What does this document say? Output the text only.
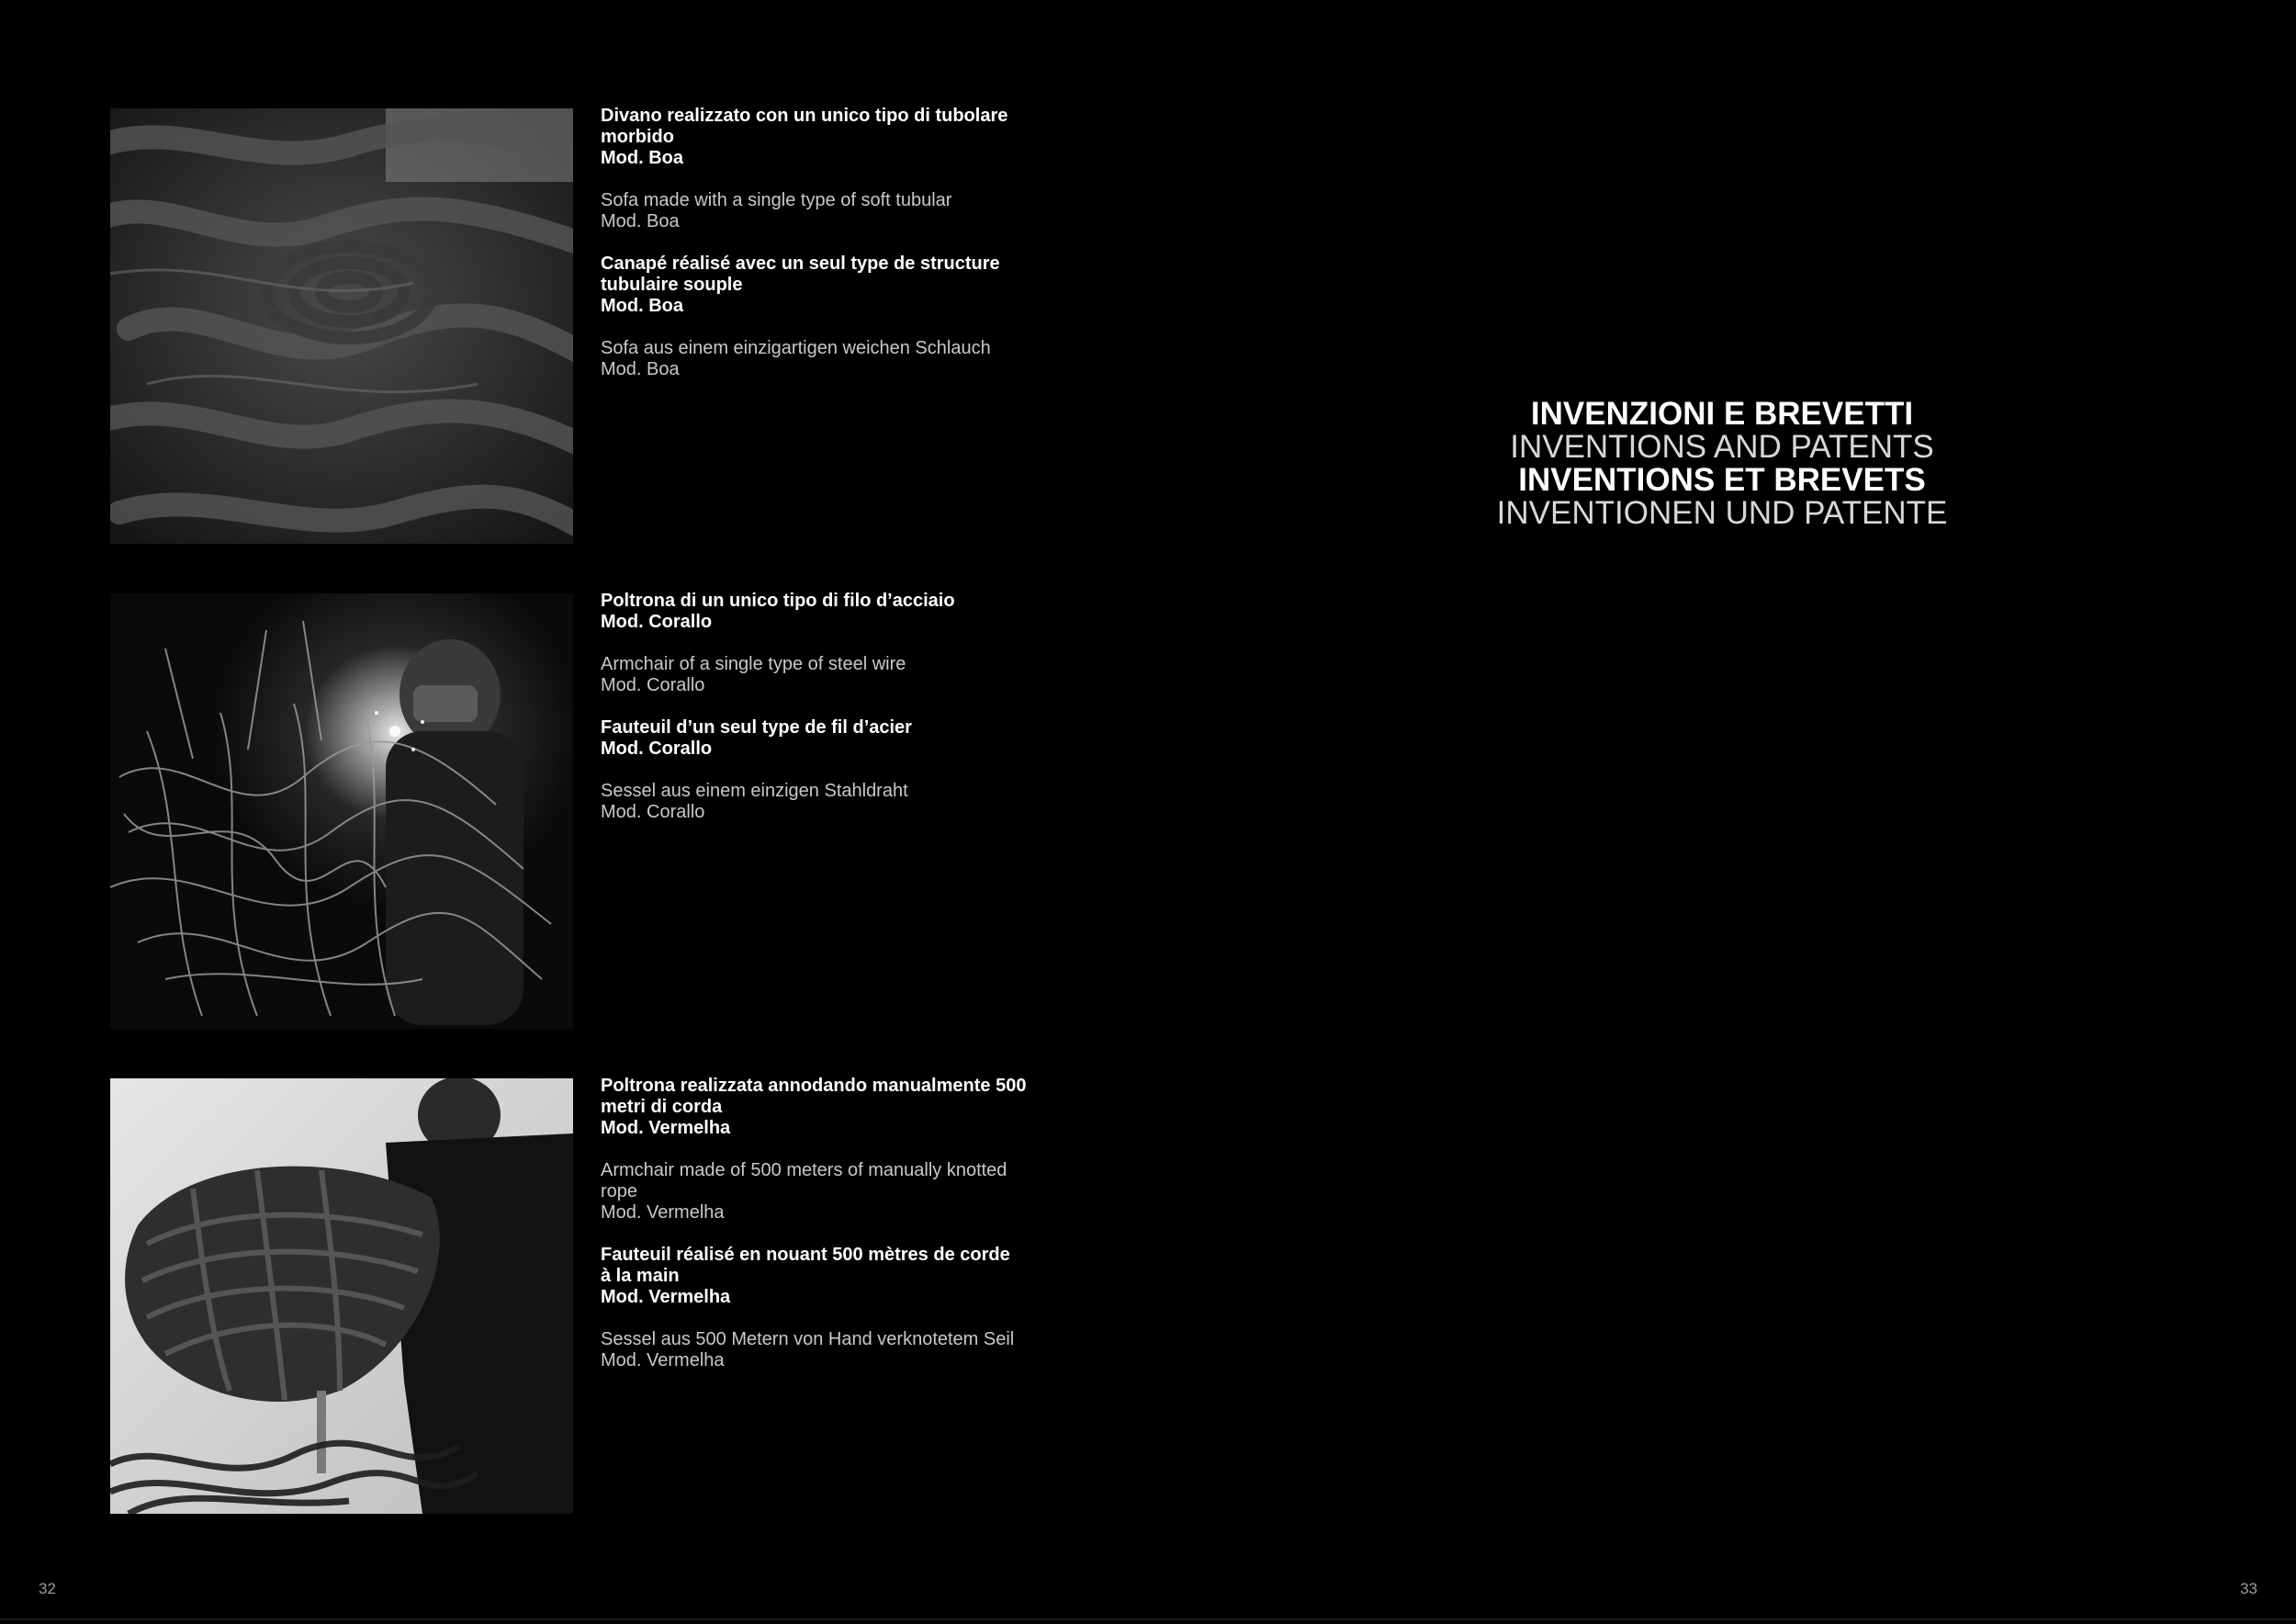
Divano realizzato con un unico tipo di tubolare

morbido

Mod. Boa

Sofa made with a single type of soft tubular

Mod. Boa

Canapé réalisé avec un seul type de structure

tubulaire souple

Mod. Boa

Sofa aus einem einzigartigen weichen Schlauch

Mod. Boa

Poltrona di un unico tipo di filo d’acciaio

Mod. Corallo

Armchair of a single type of steel wire

Mod. Corallo

Fauteuil d’un seul type de fil d’acier

Mod. Corallo

Sessel aus einem einzigen Stahldraht

Mod. Corallo

Poltrona realizzata annodando manualmente 500

metri di corda

Mod. Vermelha

Armchair made of 500 meters of manually knotted

rope

Mod. Vermelha

Fauteuil réalisé en nouant 500 mètres de corde

à la main

Mod. Vermelha

Sessel aus 500 Metern von Hand verknotetem Seil

Mod. Vermelha

32
INVENZIONI E BREVETTI
INVENTIONS AND PATENTS
INVENTIONS ET BREVETS
INVENTIONEN UND PATENTE
33
